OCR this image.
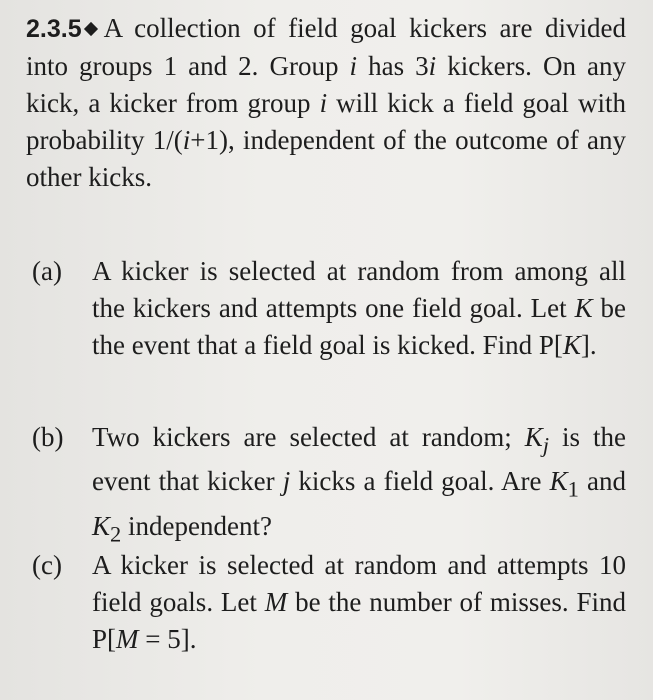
2.3.5 A collection of field goal kickers are divided into groups 1 and 2. Group i has 3i kickers. On any kick, a kicker from group i will kick a field goal with probability 1/(i+1), independent of the outcome of any other kicks.
(a) A kicker is selected at random from among all the kickers and attempts one field goal. Let K be the event that a field goal is kicked. Find P[K].
(b) Two kickers are selected at random; $K_j$ is the event that kicker j kicks a field goal. Are $K_1$ and $K_2$ independent?
(c) A kicker is selected at random and attempts 10 field goals. Let M be the number of misses. Find P[M = 5].
